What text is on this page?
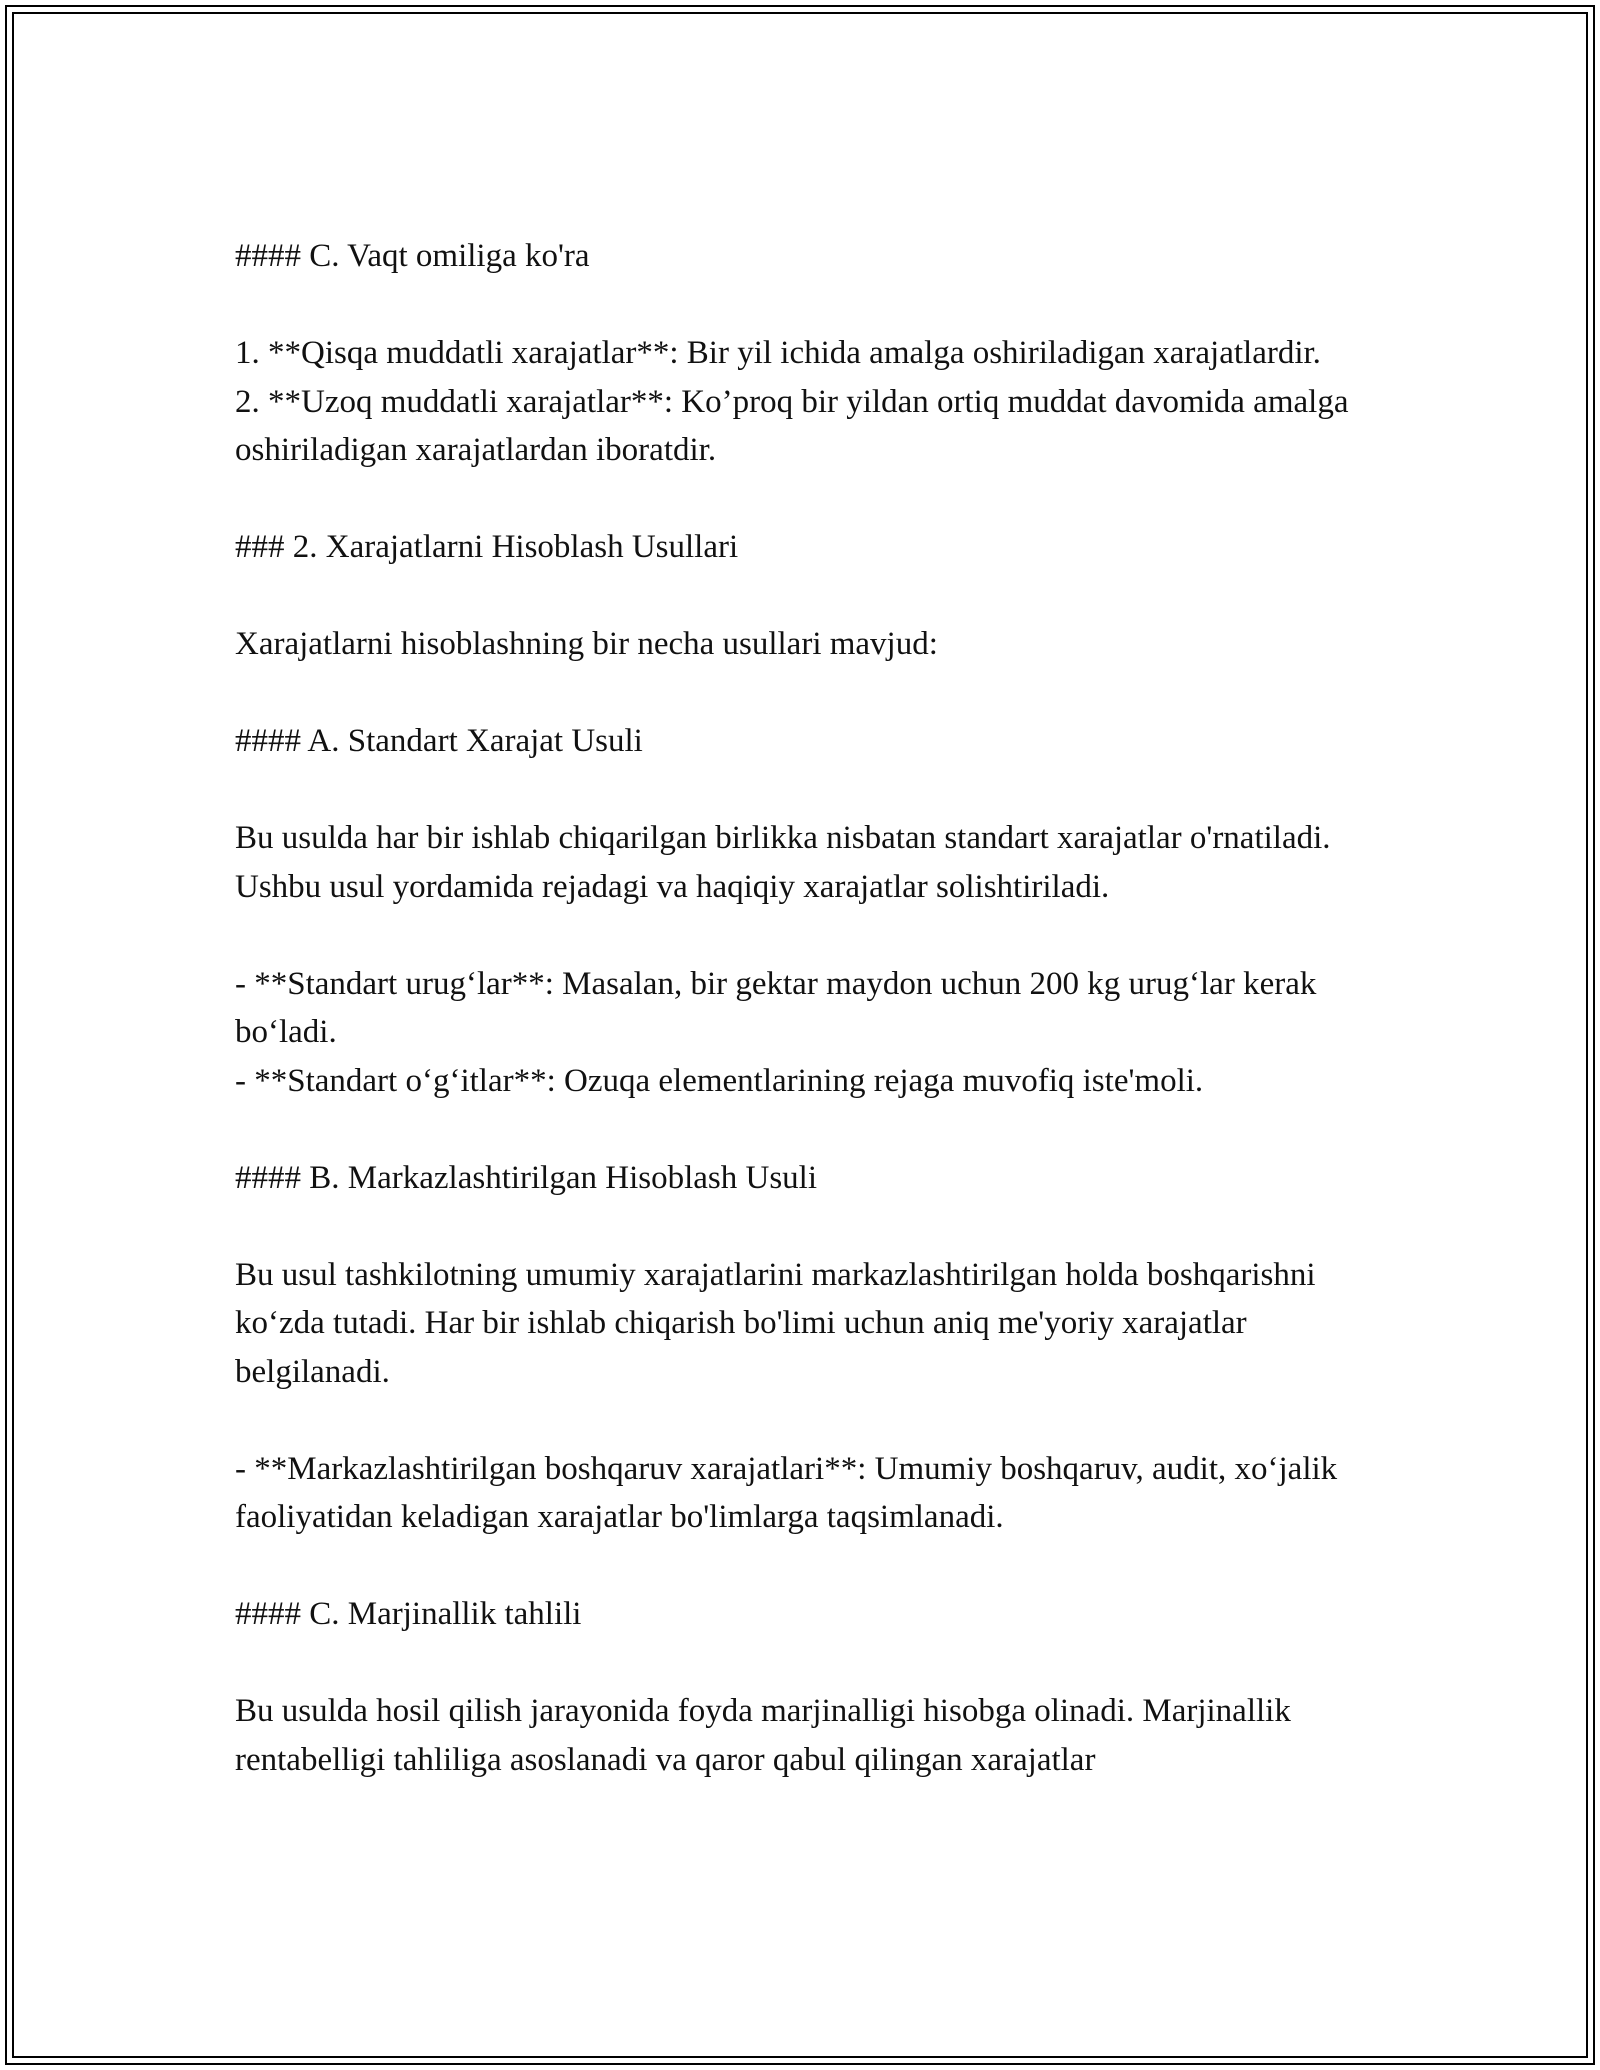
#### C. Vaqt omiliga ko'ra

1. **Qisqa muddatli xarajatlar**: Bir yil ichida amalga oshiriladigan xarajatlardir.

2. **Uzoq muddatli xarajatlar**: Ko’proq bir yildan ortiq muddat davomida amalga oshiriladigan xarajatlardan iboratdir.

### 2. Xarajatlarni Hisoblash Usullari

Xarajatlarni hisoblashning bir necha usullari mavjud:

#### A. Standart Xarajat Usuli

Bu usulda har bir ishlab chiqarilgan birlikka nisbatan standart xarajatlar o'rnatiladi. Ushbu usul yordamida rejadagi va haqiqiy xarajatlar solishtiriladi.

- **Standart urug‘lar**: Masalan, bir gektar maydon uchun 200 kg urug‘lar kerak bo‘ladi.

- **Standart o‘g‘itlar**: Ozuqa elementlarining rejaga muvofiq iste'moli.

#### B. Markazlashtirilgan Hisoblash Usuli

Bu usul tashkilotning umumiy xarajatlarini markazlashtirilgan holda boshqarishni ko‘zda tutadi. Har bir ishlab chiqarish bo'limi uchun aniq me'yoriy xarajatlar belgilanadi.

- **Markazlashtirilgan boshqaruv xarajatlari**: Umumiy boshqaruv, audit, xo‘jalik faoliyatidan keladigan xarajatlar bo'limlarga taqsimlanadi.

#### C. Marjinallik tahlili

Bu usulda hosil qilish jarayonida foyda marjinalligi hisobga olinadi. Marjinallik rentabelligi tahliliga asoslanadi va qaror qabul qilingan xarajatlar
